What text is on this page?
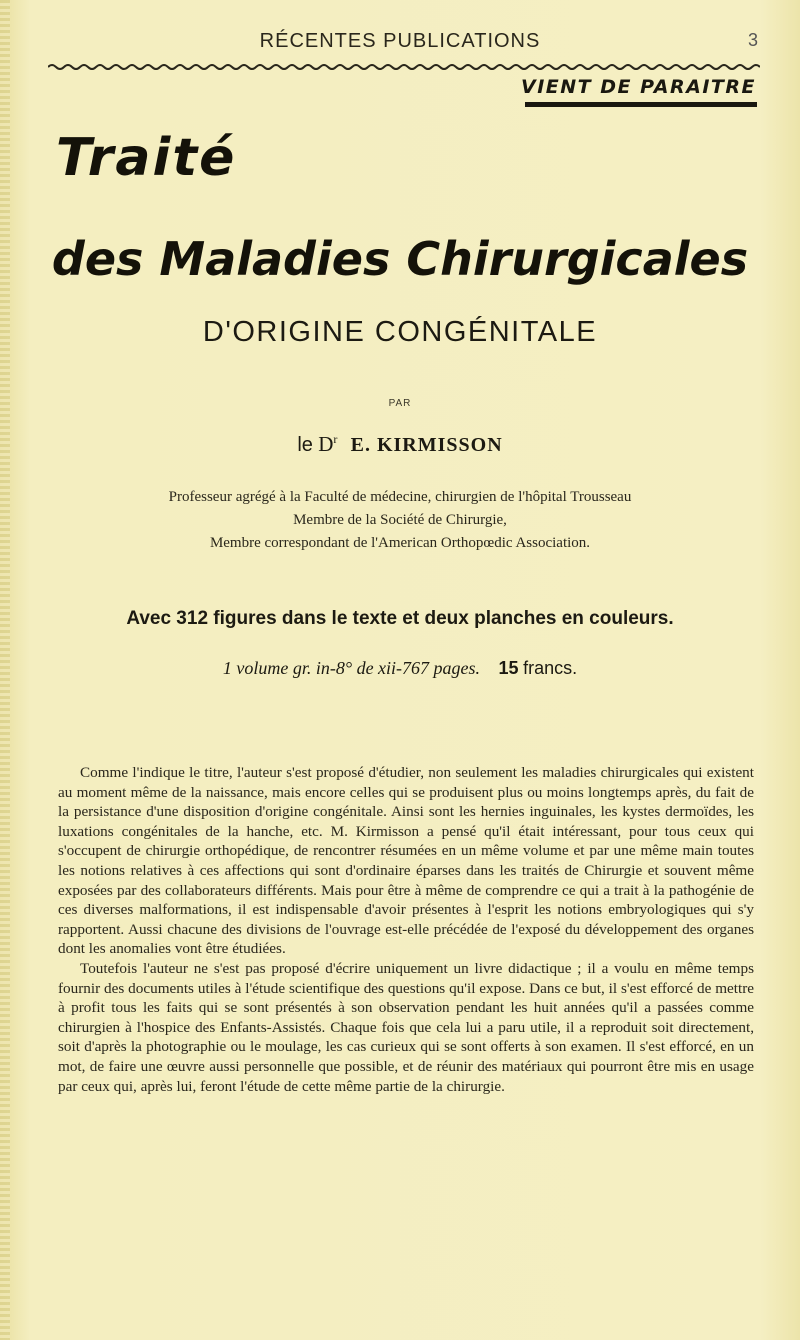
RÉCENTES PUBLICATIONS	3
VIENT DE PARAITRE
Traité
des Maladies Chirurgicales
D'ORIGINE CONGÉNITALE
PAR
le $D^r$ E. KIRMISSON
Professeur agrégé à la Faculté de médecine, chirurgien de l'hôpital Trousseau
Membre de la Société de Chirurgie,
Membre correspondant de l'American Orthopœdic Association.
Avec 312 figures dans le texte et deux planches en couleurs.
1 volume gr. in-8° de xii-767 pages. 15 francs.

Comme l'indique le titre, l'auteur s'est proposé d'étudier, non seulement les maladies chirurgicales qui existent au moment même de la naissance, mais encore celles qui se produisent plus ou moins longtemps après, du fait de la persistance d'une disposition d'origine congénitale. Ainsi sont les hernies inguinales, les kystes dermoïdes, les luxations congénitales de la hanche, etc. M. Kirmisson a pensé qu'il était intéressant, pour tous ceux qui s'occupent de chirurgie orthopédique, de rencontrer résumées en un même volume et par une même main toutes les notions relatives à ces affections qui sont d'ordinaire éparses dans les traités de Chirurgie et souvent même exposées par des collaborateurs différents. Mais pour être à même de comprendre ce qui a trait à la pathogénie de ces diverses malformations, il est indispensable d'avoir présentes à l'esprit les notions embryologiques qui s'y rapportent. Aussi chacune des divisions de l'ouvrage est-elle précédée de l'exposé du développement des organes dont les anomalies vont être étudiées.

Toutefois l'auteur ne s'est pas proposé d'écrire uniquement un livre didactique ; il a voulu en même temps fournir des documents utiles à l'étude scientifique des questions qu'il expose. Dans ce but, il s'est efforcé de mettre à profit tous les faits qui se sont présentés à son observation pendant les huit années qu'il a passées comme chirurgien à l'hospice des Enfants-Assistés. Chaque fois que cela lui a paru utile, il a reproduit soit directement, soit d'après la photographie ou le moulage, les cas curieux qui se sont offerts à son examen. Il s'est efforcé, en un mot, de faire une œuvre aussi personnelle que possible, et de réunir des matériaux qui pourront être mis en usage par ceux qui, après lui, feront l'étude de cette même partie de la chirurgie.
